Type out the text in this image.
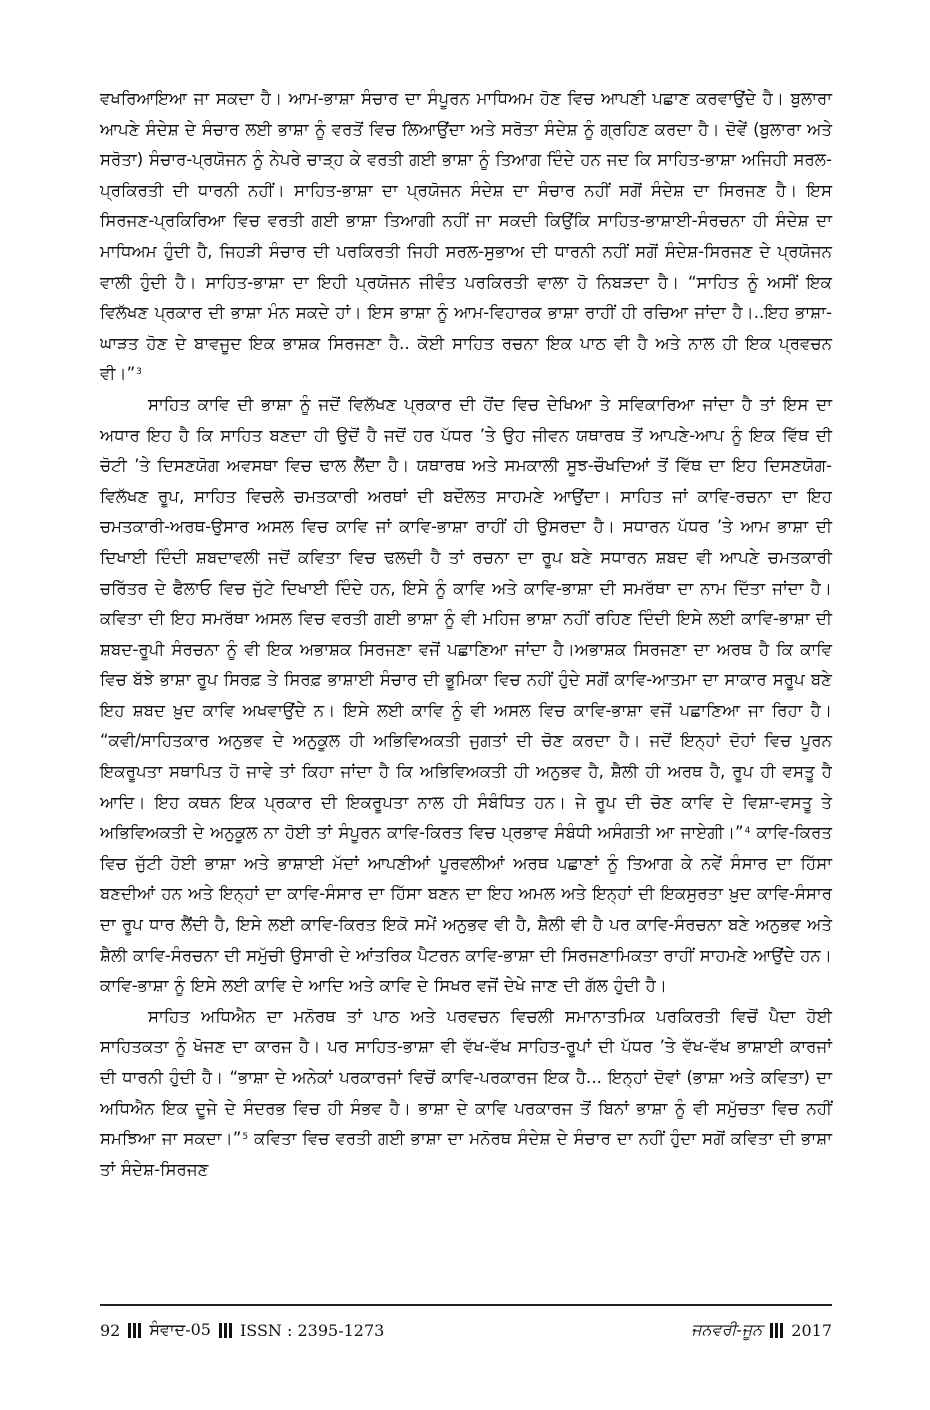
ਵਖਰਿਆਇਆ ਜਾ ਸਕਦਾ ਹੈ। ਆਮ-ਭਾਸ਼ਾ ਸੰਚਾਰ ਦਾ ਸੰਪੂਰਨ ਮਾਧਿਅਮ ਹੋਣ ਵਿਚ ਆਪਣੀ ਪਛਾਣ ਕਰਵਾਉਂਦੇ ਹੈ। ਬੁਲਾਰਾ ਆਪਣੇ ਸੰਦੇਸ਼ ਦੇ ਸੰਚਾਰ ਲਈ ਭਾਸ਼ਾ ਨੂੰ ਵਰਤੋਂ ਵਿਚ ਲਿਆਉਂਦਾ ਅਤੇ ਸਰੋਤਾ ਸੰਦੇਸ਼ ਨੂੰ ਗ੍ਰਹਿਣ ਕਰਦਾ ਹੈ। ਦੋਵੇਂ (ਬੁਲਾਰਾ ਅਤੇ ਸਰੋਤਾ) ਸੰਚਾਰ-ਪ੍ਰਯੋਜਨ ਨੂੰ ਨੇਪਰੇ ਚਾੜ੍ਹ ਕੇ ਵਰਤੀ ਗਈ ਭਾਸ਼ਾ ਨੂੰ ਤਿਆਗ ਦਿੰਦੇ ਹਨ ਜਦ ਕਿ ਸਾਹਿਤ-ਭਾਸ਼ਾ ਅਜਿਹੀ ਸਰਲ-ਪ੍ਰਕਿਰਤੀ ਦੀ ਧਾਰਨੀ ਨਹੀਂ। ਸਾਹਿਤ-ਭਾਸ਼ਾ ਦਾ ਪ੍ਰਯੋਜਨ ਸੰਦੇਸ਼ ਦਾ ਸੰਚਾਰ ਨਹੀਂ ਸਗੋਂ ਸੰਦੇਸ਼ ਦਾ ਸਿਰਜਣ ਹੈ। ਇਸ ਸਿਰਜਣ-ਪ੍ਰਕਿਰਿਆ ਵਿਚ ਵਰਤੀ ਗਈ ਭਾਸ਼ਾ ਤਿਆਗੀ ਨਹੀਂ ਜਾ ਸਕਦੀ ਕਿਉਂਕਿ ਸਾਹਿਤ-ਭਾਸ਼ਾਈ-ਸੰਰਚਨਾ ਹੀ ਸੰਦੇਸ਼ ਦਾ ਮਾਧਿਅਮ ਹੁੰਦੀ ਹੈ, ਜਿਹੜੀ ਸੰਚਾਰ ਦੀ ਪਰਕਿਰਤੀ ਜਿਹੀ ਸਰਲ-ਸੁਭਾਅ ਦੀ ਧਾਰਨੀ ਨਹੀਂ ਸਗੋਂ ਸੰਦੇਸ਼-ਸਿਰਜਣ ਦੇ ਪ੍ਰਯੋਜਨ ਵਾਲੀ ਹੁੰਦੀ ਹੈ। ਸਾਹਿਤ-ਭਾਸ਼ਾ ਦਾ ਇਹੀ ਪ੍ਰਯੋਜਨ ਜੀਵੰਤ ਪਰਕਿਰਤੀ ਵਾਲਾ ਹੋ ਨਿਬੜਦਾ ਹੈ। “ਸਾਹਿਤ ਨੂੰ ਅਸੀਂ ਇਕ ਵਿਲੱਖਣ ਪ੍ਰਕਾਰ ਦੀ ਭਾਸ਼ਾ ਮੰਨ ਸਕਦੇ ਹਾਂ। ਇਸ ਭਾਸ਼ਾ ਨੂੰ ਆਮ-ਵਿਹਾਰਕ ਭਾਸ਼ਾ ਰਾਹੀਂ ਹੀ ਰਚਿਆ ਜਾਂਦਾ ਹੈ।..ਇਹ ਭਾਸ਼ਾ-ਘਾੜਤ ਹੋਣ ਦੇ ਬਾਵਜੂਦ ਇਕ ਭਾਸ਼ਕ ਸਿਰਜਣਾ ਹੈ.. ਕੋਈ ਸਾਹਿਤ ਰਚਨਾ ਇਕ ਪਾਠ ਵੀ ਹੈ ਅਤੇ ਨਾਲ ਹੀ ਇਕ ਪ੍ਰਵਚਨ ਵੀ।”$^3$

ਸਾਹਿਤ ਕਾਵਿ ਦੀ ਭਾਸ਼ਾ ਨੂੰ ਜਦੋਂ ਵਿਲੱਖਣ ਪ੍ਰਕਾਰ ਦੀ ਹੋਂਦ ਵਿਚ ਦੇਖਿਆ ਤੇ ਸਵਿਕਾਰਿਆ ਜਾਂਦਾ ਹੈ ਤਾਂ ਇਸ ਦਾ ਅਧਾਰ ਇਹ ਹੈ ਕਿ ਸਾਹਿਤ ਬਣਦਾ ਹੀ ਉਦੋਂ ਹੈ ਜਦੋਂ ਹਰ ਪੱਧਰ ’ਤੇ ਉਹ ਜੀਵਨ ਯਥਾਰਥ ਤੋਂ ਆਪਣੇ-ਆਪ ਨੂੰ ਇਕ ਵਿੱਥ ਦੀ ਚੋਟੀ ’ਤੇ ਦਿਸਣਯੋਗ ਅਵਸਥਾ ਵਿਚ ਢਾਲ ਲੈਂਦਾ ਹੈ। ਯਥਾਰਥ ਅਤੇ ਸਮਕਾਲੀ ਸੂਝ-ਚੌਖਦਿਆਂ ਤੋਂ ਵਿੱਥ ਦਾ ਇਹ ਦਿਸਣਯੋਗ-ਵਿਲੱਖਣ ਰੂਪ, ਸਾਹਿਤ ਵਿਚਲੇ ਚਮਤਕਾਰੀ ਅਰਥਾਂ ਦੀ ਬਦੌਲਤ ਸਾਹਮਣੇ ਆਉਂਦਾ। ਸਾਹਿਤ ਜਾਂ ਕਾਵਿ-ਰਚਨਾ ਦਾ ਇਹ ਚਮਤਕਾਰੀ-ਅਰਥ-ਉਸਾਰ ਅਸਲ ਵਿਚ ਕਾਵਿ ਜਾਂ ਕਾਵਿ-ਭਾਸ਼ਾ ਰਾਹੀਂ ਹੀ ਉਸਰਦਾ ਹੈ। ਸਧਾਰਨ ਪੱਧਰ ’ਤੇ ਆਮ ਭਾਸ਼ਾ ਦੀ ਦਿਖਾਈ ਦਿੰਦੀ ਸ਼ਬਦਾਵਲੀ ਜਦੋਂ ਕਵਿਤਾ ਵਿਚ ਢਲਦੀ ਹੈ ਤਾਂ ਰਚਨਾ ਦਾ ਰੂਪ ਬਣੇ ਸਧਾਰਨ ਸ਼ਬਦ ਵੀ ਆਪਣੇ ਚਮਤਕਾਰੀ ਚਰਿੱਤਰ ਦੇ ਫੈਲਾਓ ਵਿਚ ਜੁੱਟੇ ਦਿਖਾਈ ਦਿੰਦੇ ਹਨ, ਇਸੇ ਨੂੰ ਕਾਵਿ ਅਤੇ ਕਾਵਿ-ਭਾਸ਼ਾ ਦੀ ਸਮਰੱਥਾ ਦਾ ਨਾਮ ਦਿੱਤਾ ਜਾਂਦਾ ਹੈ। ਕਵਿਤਾ ਦੀ ਇਹ ਸਮਰੱਥਾ ਅਸਲ ਵਿਚ ਵਰਤੀ ਗਈ ਭਾਸ਼ਾ ਨੂੰ ਵੀ ਮਹਿਜ ਭਾਸ਼ਾ ਨਹੀਂ ਰਹਿਣ ਦਿੰਦੀ ਇਸੇ ਲਈ ਕਾਵਿ-ਭਾਸ਼ਾ ਦੀ ਸ਼ਬਦ-ਰੂਪੀ ਸੰਰਚਨਾ ਨੂੰ ਵੀ ਇਕ ਅਭਾਸ਼ਕ ਸਿਰਜਣਾ ਵਜੋਂ ਪਛਾਣਿਆ ਜਾਂਦਾ ਹੈ।ਅਭਾਸ਼ਕ ਸਿਰਜਣਾ ਦਾ ਅਰਥ ਹੈ ਕਿ ਕਾਵਿ ਵਿਚ ਬੱਝੇ ਭਾਸ਼ਾ ਰੂਪ ਸਿਰਫ਼ ਤੇ ਸਿਰਫ਼ ਭਾਸ਼ਾਈ ਸੰਚਾਰ ਦੀ ਭੂਮਿਕਾ ਵਿਚ ਨਹੀਂ ਹੁੰਦੇ ਸਗੋਂ ਕਾਵਿ-ਆਤਮਾ ਦਾ ਸਾਕਾਰ ਸਰੂਪ ਬਣੇ ਇਹ ਸ਼ਬਦ ਖ਼ੁਦ ਕਾਵਿ ਅਖਵਾਉਂਦੇ ਨ। ਇਸੇ ਲਈ ਕਾਵਿ ਨੂੰ ਵੀ ਅਸਲ ਵਿਚ ਕਾਵਿ-ਭਾਸ਼ਾ ਵਜੋਂ ਪਛਾਣਿਆ ਜਾ ਰਿਹਾ ਹੈ। “ਕਵੀ/ਸਾਹਿਤਕਾਰ ਅਨੁਭਵ ਦੇ ਅਨੁਕੂਲ ਹੀ ਅਭਿਵਿਅਕਤੀ ਜੁਗਤਾਂ ਦੀ ਚੋਣ ਕਰਦਾ ਹੈ। ਜਦੋਂ ਇਨ੍ਹਾਂ ਦੋਹਾਂ ਵਿਚ ਪੂਰਨ ਇਕਰੂਪਤਾ ਸਥਾਪਿਤ ਹੋ ਜਾਵੇ ਤਾਂ ਕਿਹਾ ਜਾਂਦਾ ਹੈ ਕਿ ਅਭਿਵਿਅਕਤੀ ਹੀ ਅਨੁਭਵ ਹੈ, ਸ਼ੈਲੀ ਹੀ ਅਰਥ ਹੈ, ਰੂਪ ਹੀ ਵਸਤੂ ਹੈ ਆਦਿ। ਇਹ ਕਥਨ ਇਕ ਪ੍ਰਕਾਰ ਦੀ ਇਕਰੂਪਤਾ ਨਾਲ ਹੀ ਸੰਬੰਧਿਤ ਹਨ। ਜੇ ਰੂਪ ਦੀ ਚੋਣ ਕਾਵਿ ਦੇ ਵਿਸ਼ਾ-ਵਸਤੂ ਤੇ ਅਭਿਵਿਅਕਤੀ ਦੇ ਅਨੁਕੂਲ ਨਾ ਹੋਈ ਤਾਂ ਸੰਪੂਰਨ ਕਾਵਿ-ਕਿਰਤ ਵਿਚ ਪ੍ਰਭਾਵ ਸੰਬੰਧੀ ਅਸੰਗਤੀ ਆ ਜਾਏਗੀ।”$^4$ ਕਾਵਿ-ਕਿਰਤ ਵਿਚ ਜੁੱਟੀ ਹੋਈ ਭਾਸ਼ਾ ਅਤੇ ਭਾਸ਼ਾਈ ਮੱਦਾਂ ਆਪਣੀਆਂ ਪੂਰਵਲੀਆਂ ਅਰਥ ਪਛਾਣਾਂ ਨੂੰ ਤਿਆਗ ਕੇ ਨਵੇਂ ਸੰਸਾਰ ਦਾ ਹਿੱਸਾ ਬਣਦੀਆਂ ਹਨ ਅਤੇ ਇਨ੍ਹਾਂ ਦਾ ਕਾਵਿ-ਸੰਸਾਰ ਦਾ ਹਿੱਸਾ ਬਣਨ ਦਾ ਇਹ ਅਮਲ ਅਤੇ ਇਨ੍ਹਾਂ ਦੀ ਇਕਸੁਰਤਾ ਖ਼ੁਦ ਕਾਵਿ-ਸੰਸਾਰ ਦਾ ਰੂਪ ਧਾਰ ਲੈਂਦੀ ਹੈ, ਇਸੇ ਲਈ ਕਾਵਿ-ਕਿਰਤ ਇਕੋ ਸਮੇਂ ਅਨੁਭਵ ਵੀ ਹੈ, ਸ਼ੈਲੀ ਵੀ ਹੈ ਪਰ ਕਾਵਿ-ਸੰਰਚਨਾ ਬਣੇ ਅਨੁਭਵ ਅਤੇ ਸ਼ੈਲੀ ਕਾਵਿ-ਸੰਰਚਨਾ ਦੀ ਸਮੁੱਚੀ ਉਸਾਰੀ ਦੇ ਆਂਤਰਿਕ ਪੈਟਰਨ ਕਾਵਿ-ਭਾਸ਼ਾ ਦੀ ਸਿਰਜਣਾਮਿਕਤਾ ਰਾਹੀਂ ਸਾਹਮਣੇ ਆਉਂਦੇ ਹਨ। ਕਾਵਿ-ਭਾਸ਼ਾ ਨੂੰ ਇਸੇ ਲਈ ਕਾਵਿ ਦੇ ਆਦਿ ਅਤੇ ਕਾਵਿ ਦੇ ਸਿਖਰ ਵਜੋਂ ਦੇਖੇ ਜਾਣ ਦੀ ਗੱਲ ਹੁੰਦੀ ਹੈ।

ਸਾਹਿਤ ਅਧਿਐਨ ਦਾ ਮਨੋਰਥ ਤਾਂ ਪਾਠ ਅਤੇ ਪਰਵਚਨ ਵਿਚਲੀ ਸਮਾਨਾਤਮਿਕ ਪਰਕਿਰਤੀ ਵਿਚੋਂ ਪੈਦਾ ਹੋਈ ਸਾਹਿਤਕਤਾ ਨੂੰ ਖੋਜਣ ਦਾ ਕਾਰਜ ਹੈ। ਪਰ ਸਾਹਿਤ-ਭਾਸ਼ਾ ਵੀ ਵੱਖ-ਵੱਖ ਸਾਹਿਤ-ਰੂਪਾਂ ਦੀ ਪੱਧਰ ’ਤੇ ਵੱਖ-ਵੱਖ ਭਾਸ਼ਾਈ ਕਾਰਜਾਂ ਦੀ ਧਾਰਨੀ ਹੁੰਦੀ ਹੈ। “ਭਾਸ਼ਾ ਦੇ ਅਨੇਕਾਂ ਪਰਕਾਰਜਾਂ ਵਿਚੋਂ ਕਾਵਿ-ਪਰਕਾਰਜ ਇਕ ਹੈ... ਇਨ੍ਹਾਂ ਦੋਵਾਂ (ਭਾਸ਼ਾ ਅਤੇ ਕਵਿਤਾ) ਦਾ ਅਧਿਐਨ ਇਕ ਦੂਜੇ ਦੇ ਸੰਦਰਭ ਵਿਚ ਹੀ ਸੰਭਵ ਹੈ। ਭਾਸ਼ਾ ਦੇ ਕਾਵਿ ਪਰਕਾਰਜ ਤੋਂ ਬਿਨਾਂ ਭਾਸ਼ਾ ਨੂੰ ਵੀ ਸਮੁੱਚਤਾ ਵਿਚ ਨਹੀਂ ਸਮਝਿਆ ਜਾ ਸਕਦਾ।”$^5$ ਕਵਿਤਾ ਵਿਚ ਵਰਤੀ ਗਈ ਭਾਸ਼ਾ ਦਾ ਮਨੋਰਥ ਸੰਦੇਸ਼ ਦੇ ਸੰਚਾਰ ਦਾ ਨਹੀਂ ਹੁੰਦਾ ਸਗੋਂ ਕਵਿਤਾ ਦੀ ਭਾਸ਼ਾ ਤਾਂ ਸੰਦੇਸ਼-ਸਿਰਜਣ

92 ਸੰਵਾਦ-05 ISSN : 2395-1273	ਜਨਵਰੀ-ਜੂਨ 2017
